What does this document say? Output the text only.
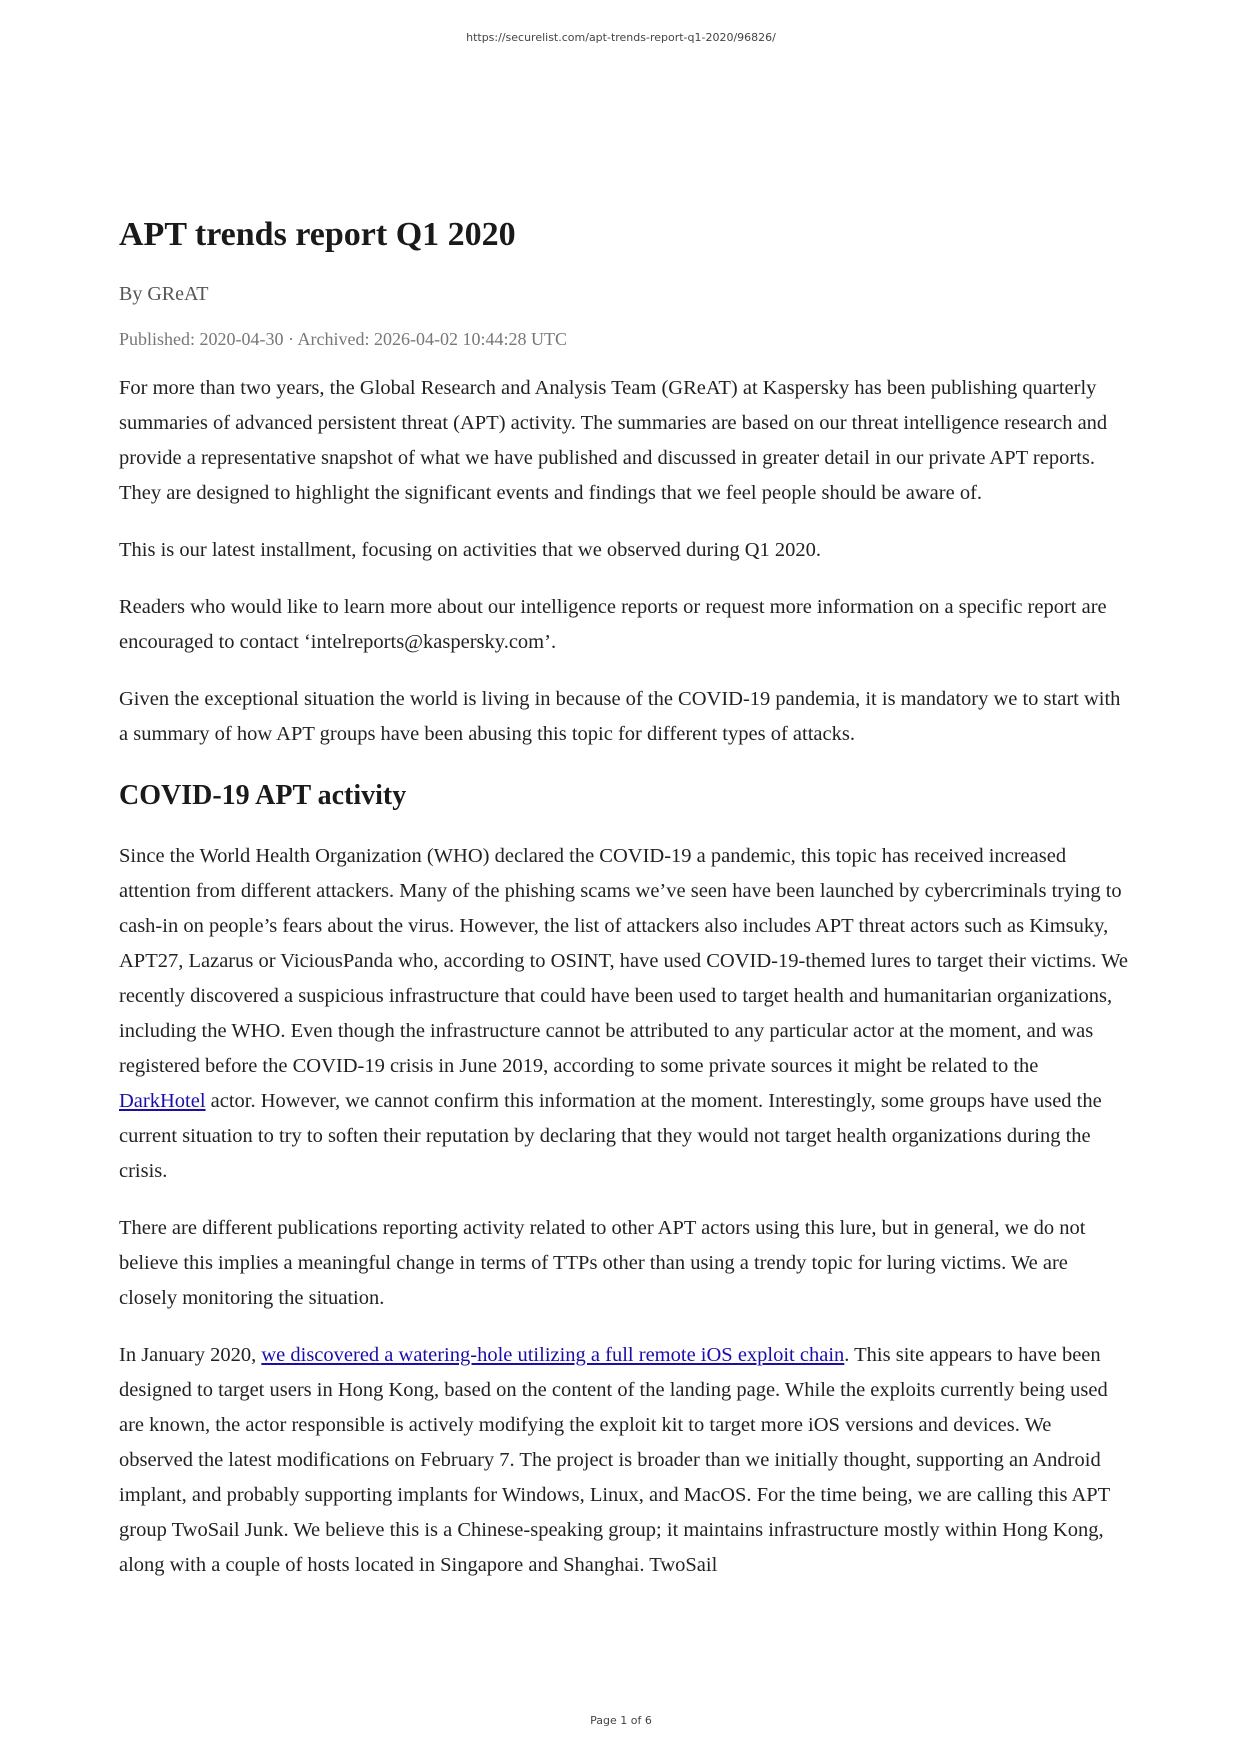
https://securelist.com/apt-trends-report-q1-2020/96826/
APT trends report Q1 2020

By GReAT

Published: 2020-04-30 · Archived: 2026-04-02 10:44:28 UTC

For more than two years, the Global Research and Analysis Team (GReAT) at Kaspersky has been publishing quarterly summaries of advanced persistent threat (APT) activity. The summaries are based on our threat intelligence research and provide a representative snapshot of what we have published and discussed in greater detail in our private APT reports. They are designed to highlight the significant events and findings that we feel people should be aware of.

This is our latest installment, focusing on activities that we observed during Q1 2020.

Readers who would like to learn more about our intelligence reports or request more information on a specific report are encouraged to contact ‘intelreports@kaspersky.com’.

Given the exceptional situation the world is living in because of the COVID-19 pandemia, it is mandatory we to start with a summary of how APT groups have been abusing this topic for different types of attacks.

COVID-19 APT activity

Since the World Health Organization (WHO) declared the COVID-19 a pandemic, this topic has received increased attention from different attackers. Many of the phishing scams we’ve seen have been launched by cybercriminals trying to cash-in on people’s fears about the virus. However, the list of attackers also includes APT threat actors such as Kimsuky, APT27, Lazarus or ViciousPanda who, according to OSINT, have used COVID-19-themed lures to target their victims. We recently discovered a suspicious infrastructure that could have been used to target health and humanitarian organizations, including the WHO. Even though the infrastructure cannot be attributed to any particular actor at the moment, and was registered before the COVID-19 crisis in June 2019, according to some private sources it might be related to the DarkHotel actor. However, we cannot confirm this information at the moment. Interestingly, some groups have used the current situation to try to soften their reputation by declaring that they would not target health organizations during the crisis.

There are different publications reporting activity related to other APT actors using this lure, but in general, we do not believe this implies a meaningful change in terms of TTPs other than using a trendy topic for luring victims. We are closely monitoring the situation.

In January 2020, we discovered a watering-hole utilizing a full remote iOS exploit chain. This site appears to have been designed to target users in Hong Kong, based on the content of the landing page. While the exploits currently being used are known, the actor responsible is actively modifying the exploit kit to target more iOS versions and devices. We observed the latest modifications on February 7. The project is broader than we initially thought, supporting an Android implant, and probably supporting implants for Windows, Linux, and MacOS. For the time being, we are calling this APT group TwoSail Junk. We believe this is a Chinese-speaking group; it maintains infrastructure mostly within Hong Kong, along with a couple of hosts located in Singapore and Shanghai. TwoSail

Page 1 of 6
